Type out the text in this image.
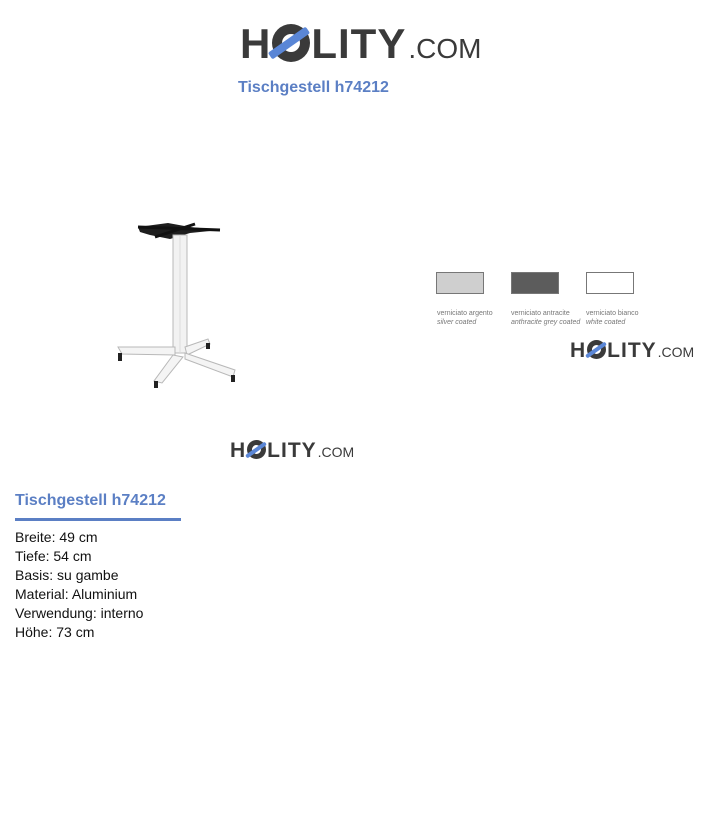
H LITY .COM
Tischgestell h74212
H LITY .COM
verniciato argento
silver coated
verniciato antracite
anthracite grey coated
verniciato bianco
white coated
H LITY .COM
Tischgestell h74212
Breite: 49 cm
Tiefe: 54 cm
Basis: su gambe
Material: Aluminium
Verwendung: interno
Höhe: 73 cm
